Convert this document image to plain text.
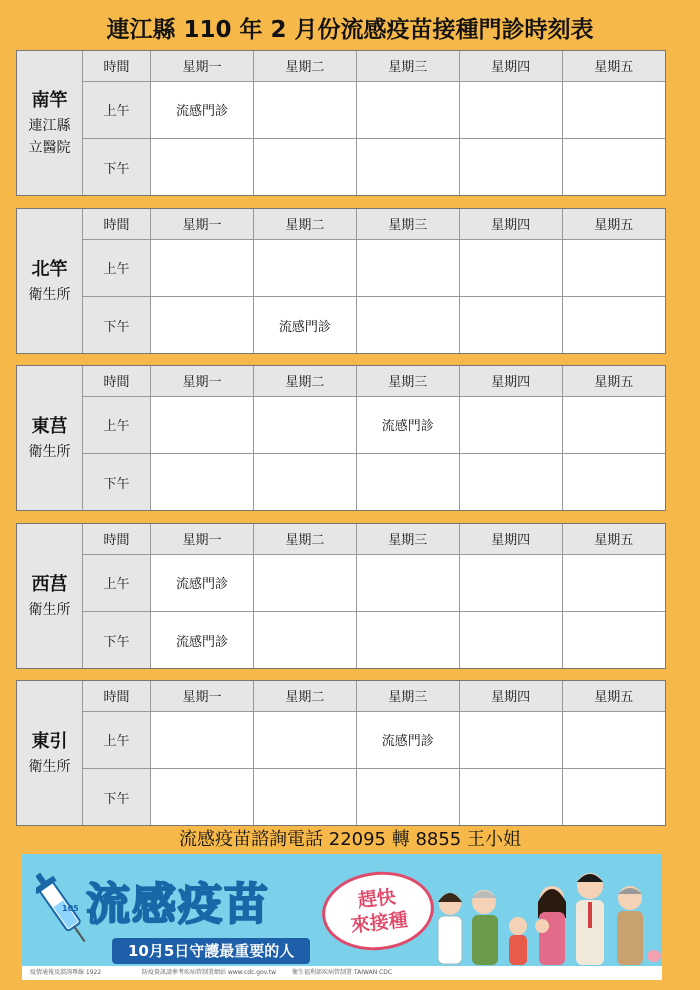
連江縣 110 年 2 月份流感疫苗接種門診時刻表
南竿
連江縣立醫院
時間	星期一	星期二	星期三	星期四	星期五
上午	流感門診				
下午					
北竿
衛生所
時間	星期一	星期二	星期三	星期四	星期五
上午					
下午		流感門診			
東莒
衛生所
時間	星期一	星期二	星期三	星期四	星期五
上午			流感門診		
下午					
西莒
衛生所
時間	星期一	星期二	星期三	星期四	星期五
上午	流感門診				
下午	流感門診				
東引
衛生所
時間	星期一	星期二	星期三	星期四	星期五
上午			流感門診		
下午					
流感疫苗諮詢電話 22095 轉 8855 王小姐
105 流感疫苗	趕快
來接種
10月5日守護最重要的人
疫情通報及諮詢專線 1922	防疫資訊請參考疾病管制署網站 www.cdc.gov.tw	衛生福利部疾病管制署 TAIWAN CDC
